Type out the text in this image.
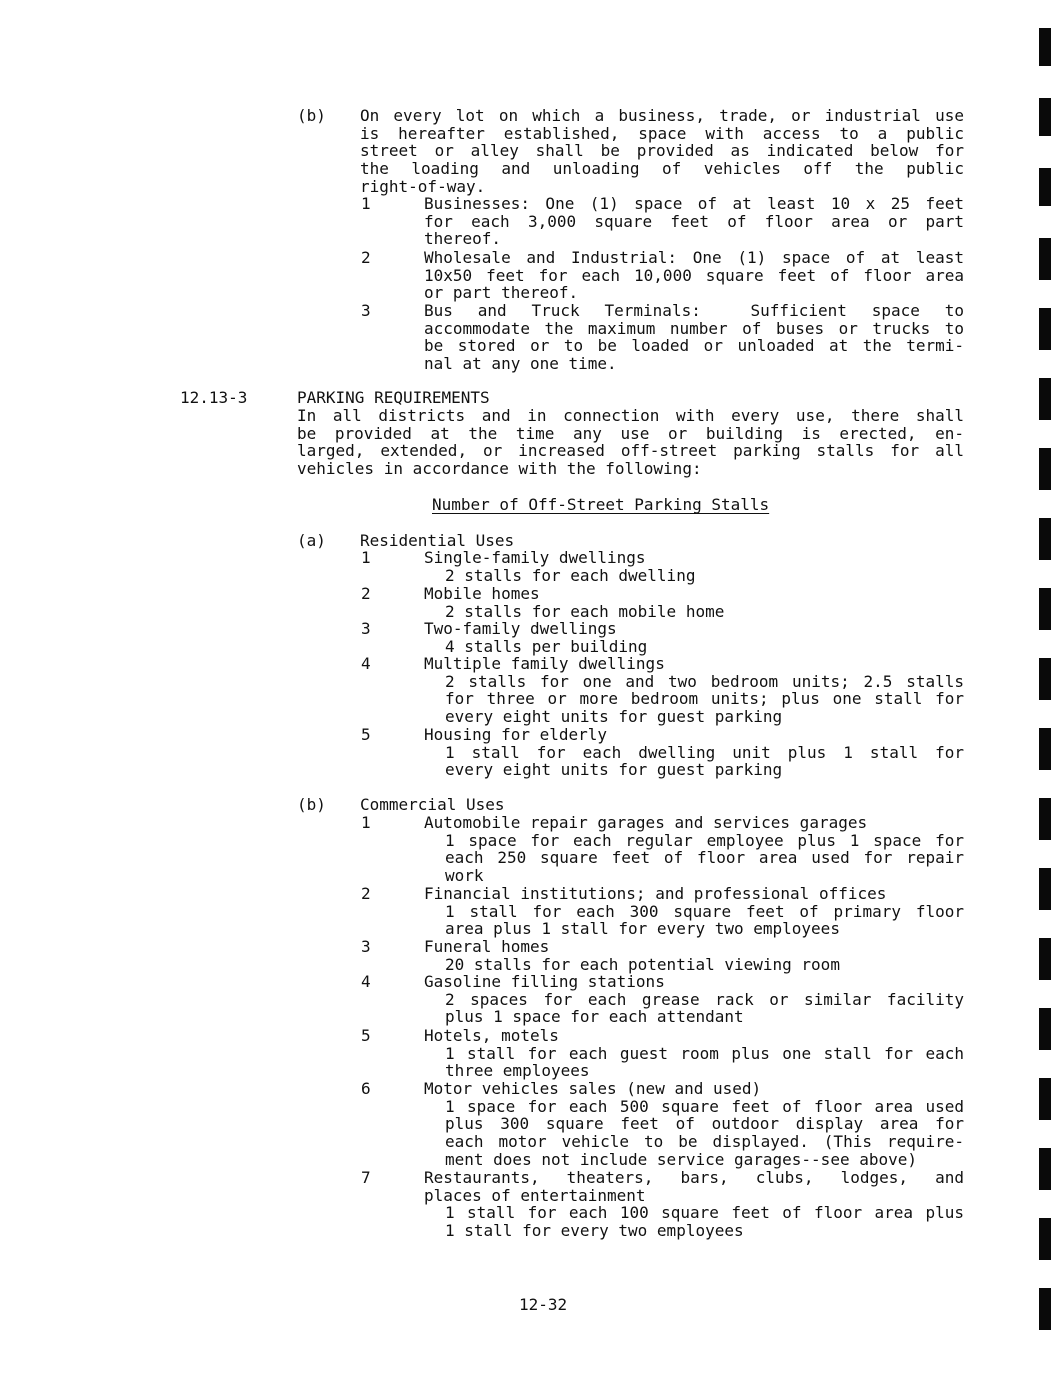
(b) On every lot on which a business, trade, or industrial use
is hereafter established, space with access to a public
street or alley shall be provided as indicated below for
the loading and unloading of vehicles off the public
right-of-way.
1	Businesses: One (1) space of at least 10 x 25 feet
for each 3,000 square feet of floor area or part
thereof.
2	Wholesale and Industrial: One (1) space of at least
10x50 feet for each 10,000 square feet of floor area
or part thereof.
3	Bus and Truck Terminals:  Sufficient space to
accommodate the maximum number of buses or trucks to
be stored or to be loaded or unloaded at the termi-
nal at any one time.
12.13-3	PARKING REQUIREMENTS
In all districts and in connection with every use, there shall
be provided at the time any use or building is erected, en-
larged, extended, or increased off-street parking stalls for all
vehicles in accordance with the following:
Number of Off-Street Parking Stalls
(a) Residential Uses
1	Single-family dwellings
2 stalls for each dwelling
2	Mobile homes
2 stalls for each mobile home
3	Two-family dwellings
4 stalls per building
4	Multiple family dwellings
2 stalls for one and two bedroom units; 2.5 stalls
for three or more bedroom units; plus one stall for
every eight units for guest parking
5	Housing for elderly
1 stall for each dwelling unit plus 1 stall for
every eight units for guest parking
(b) Commercial Uses
1	Automobile repair garages and services garages
1 space for each regular employee plus 1 space for
each 250 square feet of floor area used for repair
work
2	Financial institutions; and professional offices
1 stall for each 300 square feet of primary floor
area plus 1 stall for every two employees
3	Funeral homes
20 stalls for each potential viewing room
4	Gasoline filling stations
2 spaces for each grease rack or similar facility
plus 1 space for each attendant
5	Hotels, motels
1 stall for each guest room plus one stall for each
three employees
6	Motor vehicles sales (new and used)
1 space for each 500 square feet of floor area used
plus 300 square feet of outdoor display area for
each motor vehicle to be displayed. (This require-
ment does not include service garages--see above)
7	Restaurants, theaters, bars, clubs, lodges, and
places of entertainment
1 stall for each 100 square feet of floor area plus
1 stall for every two employees
12-32
